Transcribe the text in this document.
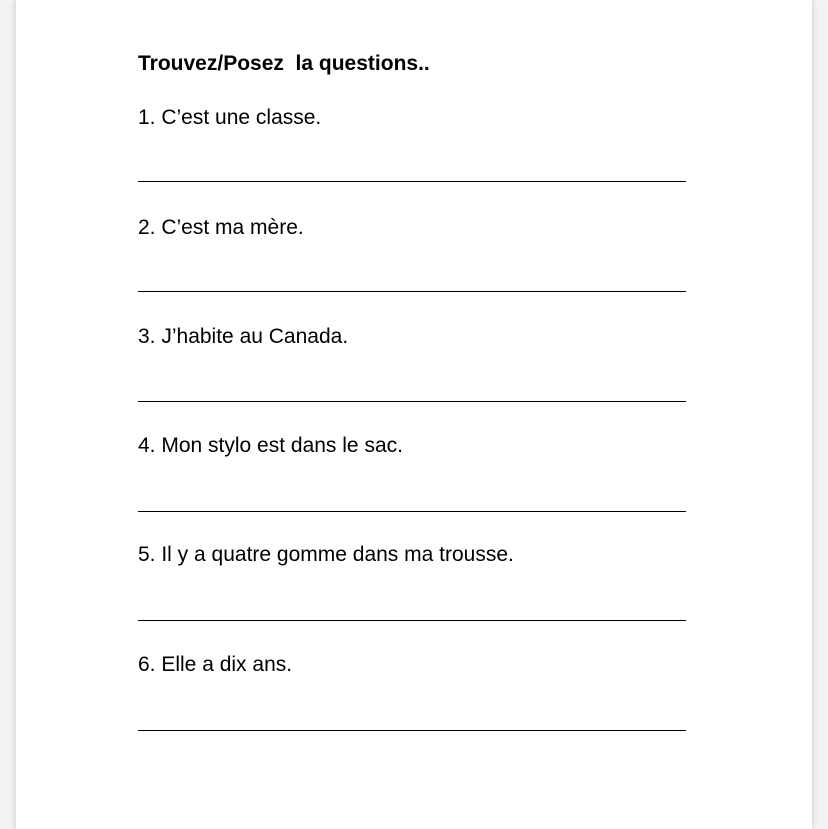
Trouvez/Posez  la questions..

1. C’est une classe.

2. C’est ma mère.

3. J’habite au Canada.

4. Mon stylo est dans le sac.

5. Il y a quatre gomme dans ma trousse.

6. Elle a dix ans.
